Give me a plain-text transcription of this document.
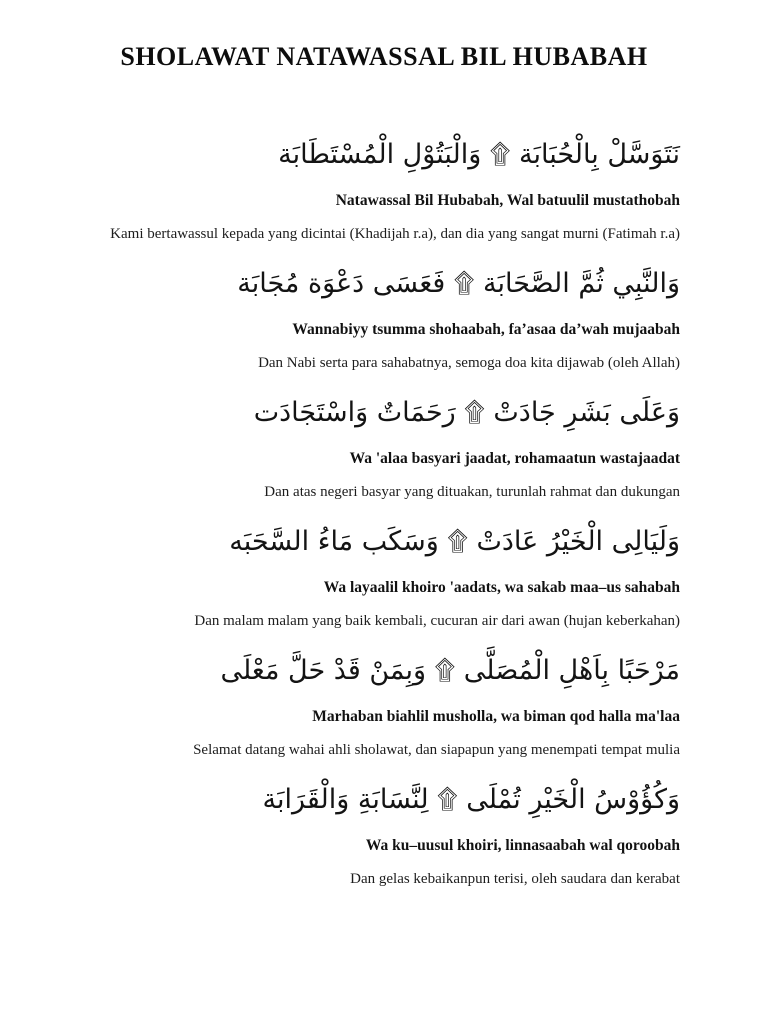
SHOLAWAT NATAWASSAL BIL HUBABAH
نَتَوَسَّلْ بِالْحُبَابَة ۩ وَالْبَتُوْلِ الْمُسْتَطَابَة
Natawassal Bil Hubabah, Wal batuulil mustathobah
Kami bertawassul kepada yang dicintai (Khadijah r.a), dan dia yang sangat murni (Fatimah r.a)
وَالنَّبِي ثُمَّ الصَّحَابَة ۩ فَعَسَى دَعْوَة مُجَابَة
Wannabiyy tsumma shohaabah, fa’asaa da’wah mujaabah
Dan Nabi serta para sahabatnya, semoga doa kita dijawab (oleh Allah)
وَعَلَى بَشَرِ جَادَتْ ۩ رَحَمَاتٌ وَاسْتَجَادَت
Wa 'alaa basyari jaadat, rohamaatun wastajaadat
Dan atas negeri basyar yang dituakan, turunlah rahmat dan dukungan
وَلَيَالِى الْخَيْرُ عَادَتْ ۩ وَسَكَب مَاءُ السَّحَبَه
Wa layaalil khoiro 'aadats, wa sakab maa–us sahabah
Dan malam malam yang baik kembali, cucuran air dari awan (hujan keberkahan)
مَرْحَبًا بِاَهْلِ الْمُصَلَّى ۩ وَبِمَنْ قَدْ حَلَّ مَعْلَى
Marhaban biahlil musholla, wa biman qod halla ma'laa
Selamat datang wahai ahli sholawat, dan siapapun yang menempati tempat mulia
وَكُؤُوْسُ الْخَيْرِ تُمْلَى ۩ لِنَّسَابَةِ وَالْقَرَابَة
Wa ku–uusul khoiri, linnasaabah wal qoroobah
Dan gelas kebaikanpun terisi, oleh saudara dan kerabat
